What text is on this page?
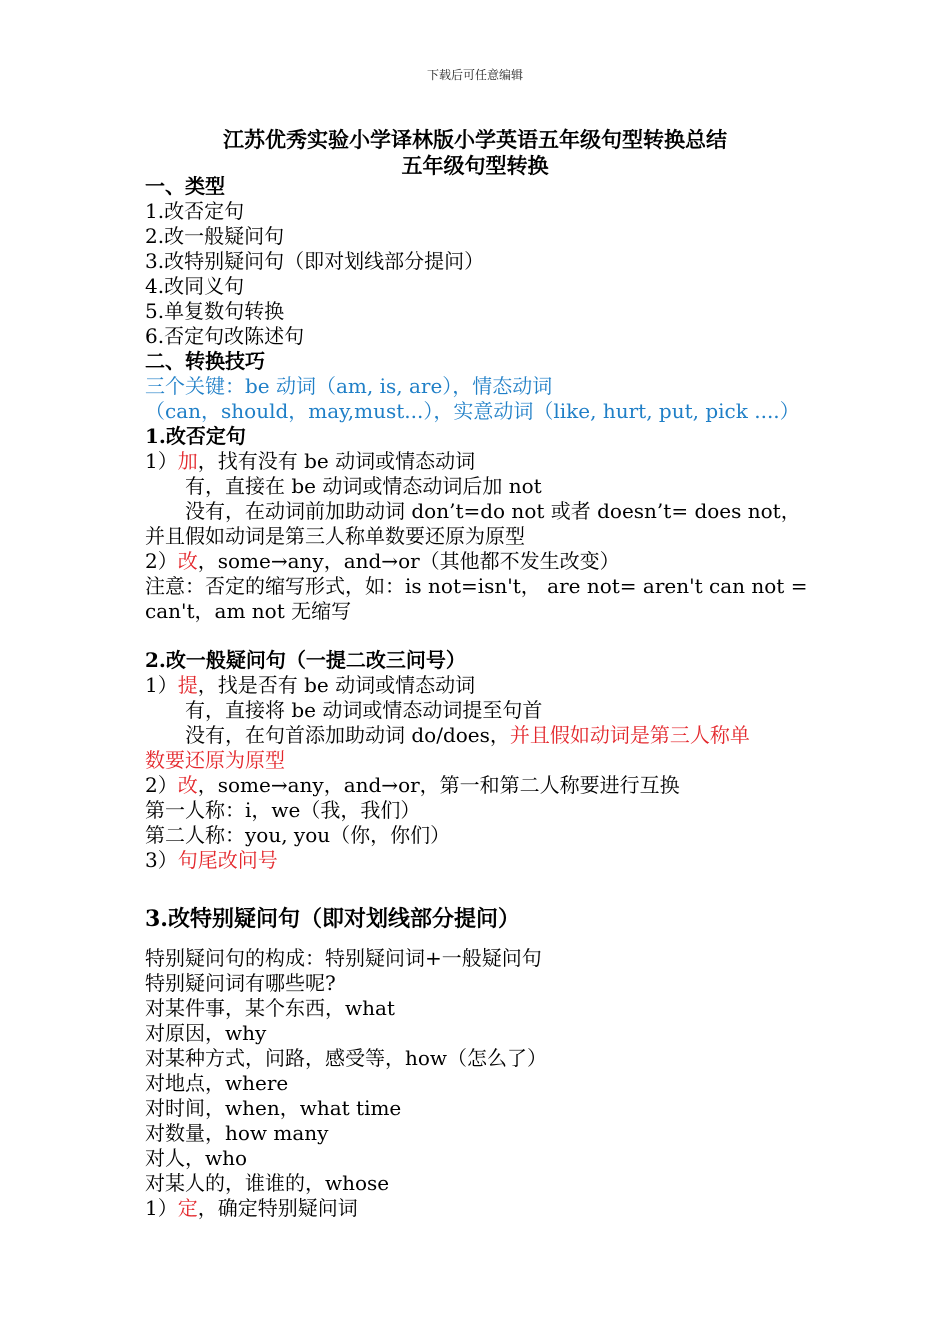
下载后可任意编辑
江苏优秀实验小学译林版小学英语五年级句型转换总结
五年级句型转换
一、类型
1.改否定句
2.改一般疑问句
3.改特别疑问句（即对划线部分提问）
4.改同义句
5.单复数句转换
6.否定句改陈述句
二、转换技巧
三个关键：be 动词（am, is, are），情态动词
（can，should，may,must...），实意动词（like, hurt, put, pick ....）
1.改否定句
1）加，找有没有 be 动词或情态动词
有，直接在 be 动词或情态动词后加 not
没有，在动词前加助动词 don’t=do not 或者 doesn’t= does not，
并且假如动词是第三人称单数要还原为原型
2）改，some→any，and→or（其他都不发生改变）
注意：否定的缩写形式，如：is not=isn't， are not= aren't can not =
can't，am not 无缩写
2.改一般疑问句（一提二改三问号）
1）提，找是否有 be 动词或情态动词
有，直接将 be 动词或情态动词提至句首
没有，在句首添加助动词 do/does，并且假如动词是第三人称单
数要还原为原型
2）改，some→any，and→or，第一和第二人称要进行互换
第一人称：i，we（我，我们）
第二人称：you, you（你，你们）
3）句尾改问号
3.改特别疑问句（即对划线部分提问）
特别疑问句的构成：特别疑问词+一般疑问句
特别疑问词有哪些呢?
对某件事，某个东西，what
对原因，why
对某种方式，问路，感受等，how（怎么了）
对地点，where
对时间，when，what time
对数量，how many
对人，who
对某人的，谁谁的，whose
1）定，确定特别疑问词
